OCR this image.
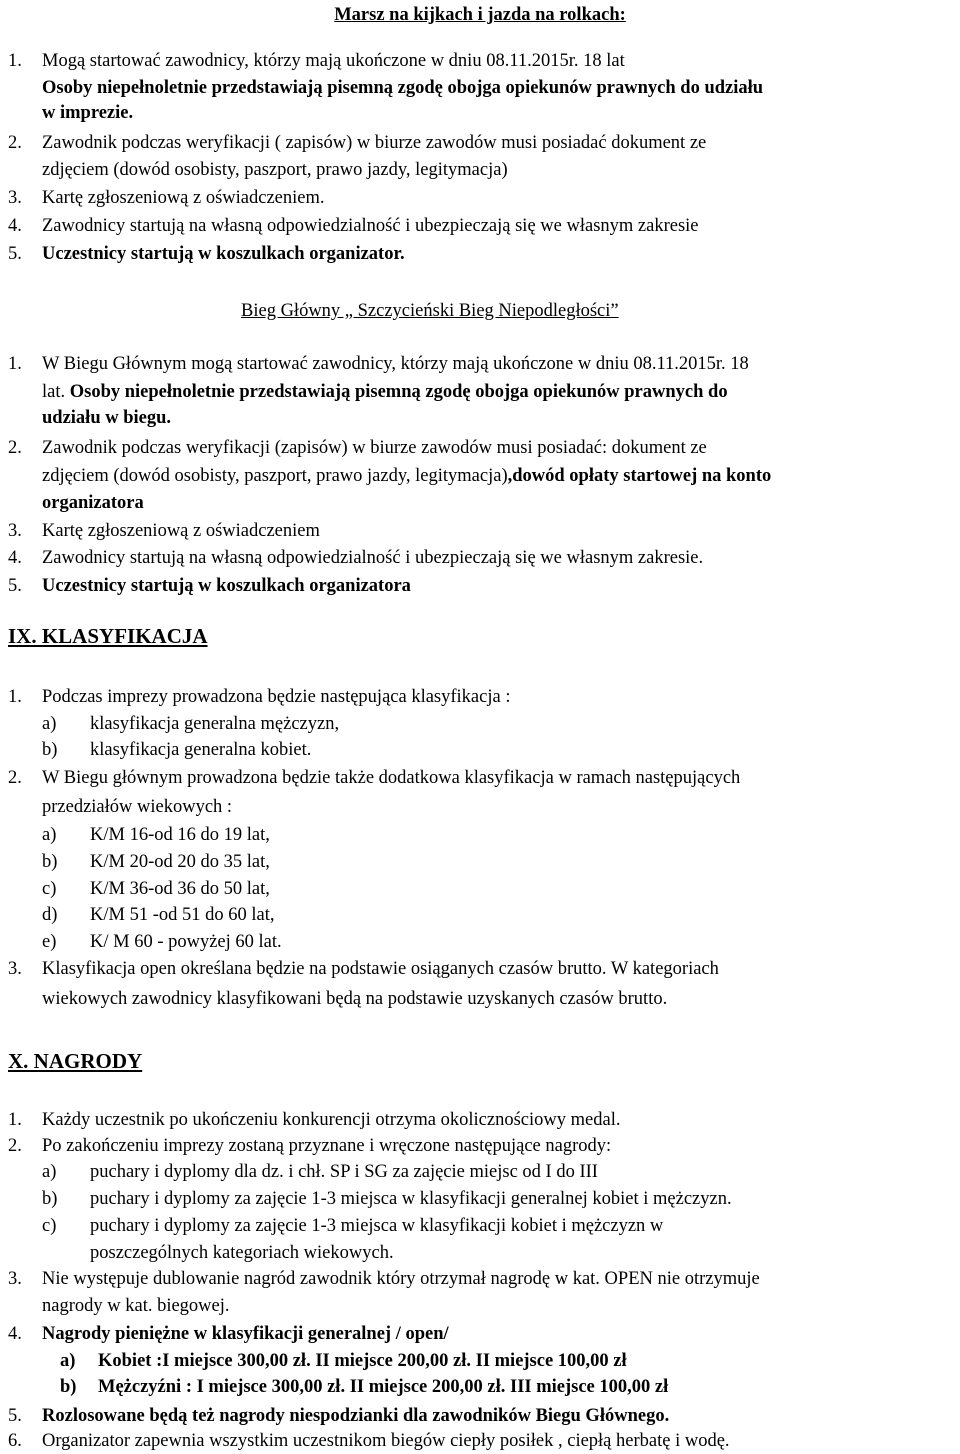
Marsz na kijkach i jazda na rolkach:
1. Mogą startować zawodnicy, którzy mają ukończone w dniu 08.11.2015r. 18 lat
Osoby niepełnoletnie przedstawiają pisemną zgodę obojga opiekunów prawnych do udziału
w imprezie.
2. Zawodnik podczas weryfikacji ( zapisów) w biurze zawodów musi posiadać dokument ze
zdjęciem (dowód osobisty, paszport, prawo jazdy, legitymacja)
3. Kartę zgłoszeniową z oświadczeniem.
4. Zawodnicy startują na własną odpowiedzialność i ubezpieczają się we własnym zakresie
5. Uczestnicy startują w koszulkach organizator.
Bieg Główny „ Szczycieński Bieg Niepodległości”
1. W Biegu Głównym mogą startować zawodnicy, którzy mają ukończone w dniu 08.11.2015r. 18
lat. Osoby niepełnoletnie przedstawiają pisemną zgodę obojga opiekunów prawnych do
udziału w biegu.
2. Zawodnik podczas weryfikacji (zapisów) w biurze zawodów musi posiadać: dokument ze
zdjęciem (dowód osobisty, paszport, prawo jazdy, legitymacja),dowód opłaty startowej na konto
organizatora
3. Kartę zgłoszeniową z oświadczeniem
4. Zawodnicy startują na własną odpowiedzialność i ubezpieczają się we własnym zakresie.
5. Uczestnicy startują w koszulkach organizatora
IX. KLASYFIKACJA
1. Podczas imprezy prowadzona będzie następująca klasyfikacja :
a) klasyfikacja generalna mężczyzn,
b) klasyfikacja generalna kobiet.
2. W Biegu głównym prowadzona będzie także dodatkowa klasyfikacja w ramach następujących
przedziałów wiekowych :
a) K/M 16-od 16 do 19 lat,
b) K/M 20-od 20 do 35 lat,
c) K/M 36-od 36 do 50 lat,
d) K/M 51 -od 51 do 60 lat,
e) K/ M 60 - powyżej 60 lat.
3. Klasyfikacja open określana będzie na podstawie osiąganych czasów brutto. W kategoriach
wiekowych zawodnicy klasyfikowani będą na podstawie uzyskanych czasów brutto.
X. NAGRODY
1. Każdy uczestnik po ukończeniu konkurencji otrzyma okolicznościowy medal.
2. Po zakończeniu imprezy zostaną przyznane i wręczone następujące nagrody:
a) puchary i dyplomy dla dz. i chł. SP i SG za zajęcie miejsc od I do III
b) puchary i dyplomy za zajęcie 1-3 miejsca w klasyfikacji generalnej kobiet i mężczyzn.
c) puchary i dyplomy za zajęcie 1-3 miejsca w klasyfikacji kobiet i mężczyzn w
poszczególnych kategoriach wiekowych.
3. Nie występuje dublowanie nagród zawodnik który otrzymał nagrodę w kat. OPEN nie otrzymuje
nagrody w kat. biegowej.
4. Nagrody pieniężne w klasyfikacji generalnej / open/
a) Kobiet :I miejsce 300,00 zł. II miejsce 200,00 zł. II miejsce 100,00 zł
b) Mężczyźni : I miejsce 300,00 zł. II miejsce 200,00 zł. III miejsce 100,00 zł
5. Rozlosowane będą też nagrody niespodzianki dla zawodników Biegu Głównego.
6. Organizator zapewnia wszystkim uczestnikom biegów ciepły posiłek , ciepłą herbatę i wodę.
